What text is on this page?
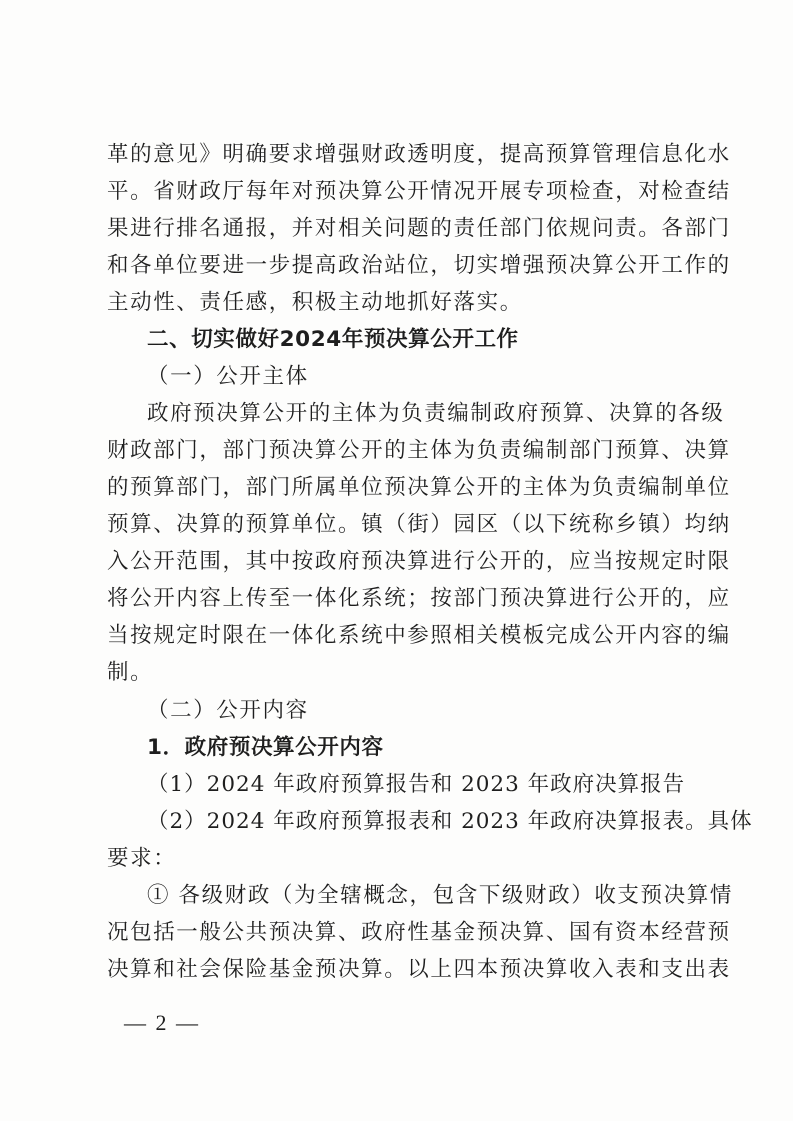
革的意见》明确要求增强财政透明度，提高预算管理信息化水
平。省财政厅每年对预决算公开情况开展专项检查，对检查结
果进行排名通报，并对相关问题的责任部门依规问责。各部门
和各单位要进一步提高政治站位，切实增强预决算公开工作的
主动性、责任感，积极主动地抓好落实。
二、切实做好2024年预决算公开工作
（一）公开主体
政府预决算公开的主体为负责编制政府预算、决算的各级
财政部门，部门预决算公开的主体为负责编制部门预算、决算
的预算部门，部门所属单位预决算公开的主体为负责编制单位
预算、决算的预算单位。镇（街）园区（以下统称乡镇）均纳
入公开范围，其中按政府预决算进行公开的，应当按规定时限
将公开内容上传至一体化系统；按部门预决算进行公开的，应
当按规定时限在一体化系统中参照相关模板完成公开内容的编
制。
（二）公开内容
1．政府预决算公开内容
（1）2024 年政府预算报告和 2023 年政府决算报告
（2）2024 年政府预算报表和 2023 年政府决算报表。具体
要求：
① 各级财政（为全辖概念，包含下级财政）收支预决算情
况包括一般公共预决算、政府性基金预决算、国有资本经营预
决算和社会保险基金预决算。以上四本预决算收入表和支出表
— 2 —
